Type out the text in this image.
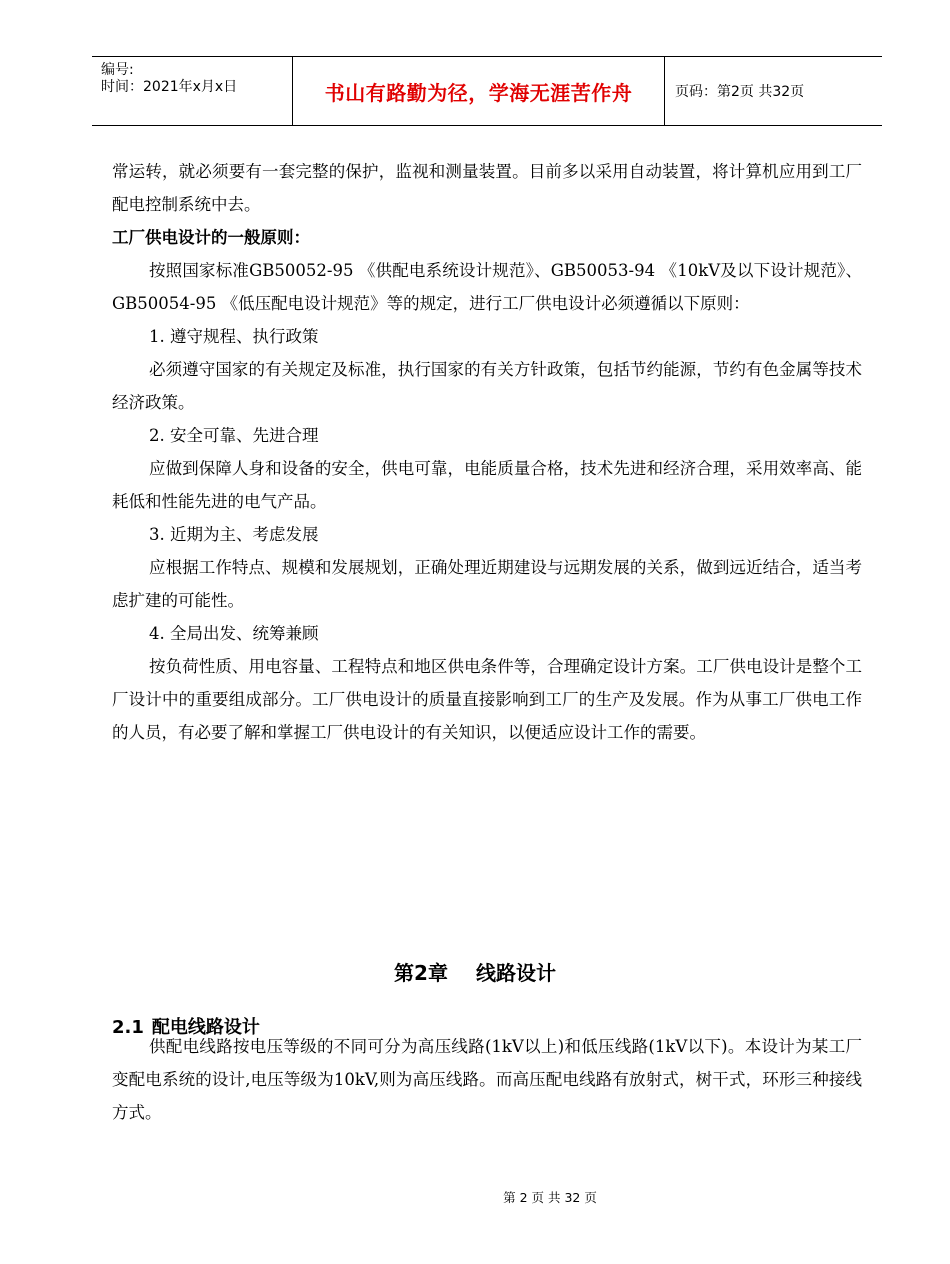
编号:
时间：2021年x月x日	书山有路勤为径，学海无涯苦作舟	页码：第2页 共32页

常运转，就必须要有一套完整的保护，监视和测量装置。目前多以采用自动装置，将计算机应用到工厂配电控制系统中去。

工厂供电设计的一般原则：

按照国家标准GB50052-95 《供配电系统设计规范》、GB50053-94 《10kV及以下设计规范》、GB50054-95 《低压配电设计规范》等的规定，进行工厂供电设计必须遵循以下原则：

1. 遵守规程、执行政策

必须遵守国家的有关规定及标准，执行国家的有关方针政策，包括节约能源，节约有色金属等技术经济政策。

2. 安全可靠、先进合理

应做到保障人身和设备的安全，供电可靠，电能质量合格，技术先进和经济合理，采用效率高、能耗低和性能先进的电气产品。

3. 近期为主、考虑发展

应根据工作特点、规模和发展规划，正确处理近期建设与远期发展的关系，做到远近结合，适当考虑扩建的可能性。

4. 全局出发、统筹兼顾

按负荷性质、用电容量、工程特点和地区供电条件等，合理确定设计方案。工厂供电设计是整个工厂设计中的重要组成部分。工厂供电设计的质量直接影响到工厂的生产及发展。作为从事工厂供电工作的人员，有必要了解和掌握工厂供电设计的有关知识，以便适应设计工作的需要。

第2章 线路设计
2.1 配电线路设计

供配电线路按电压等级的不同可分为高压线路(1kV以上)和低压线路(1kV以下)。本设计为某工厂变配电系统的设计,电压等级为10kV,则为高压线路。而高压配电线路有放射式，树干式，环形三种接线方式。

第 2 页 共 32 页
